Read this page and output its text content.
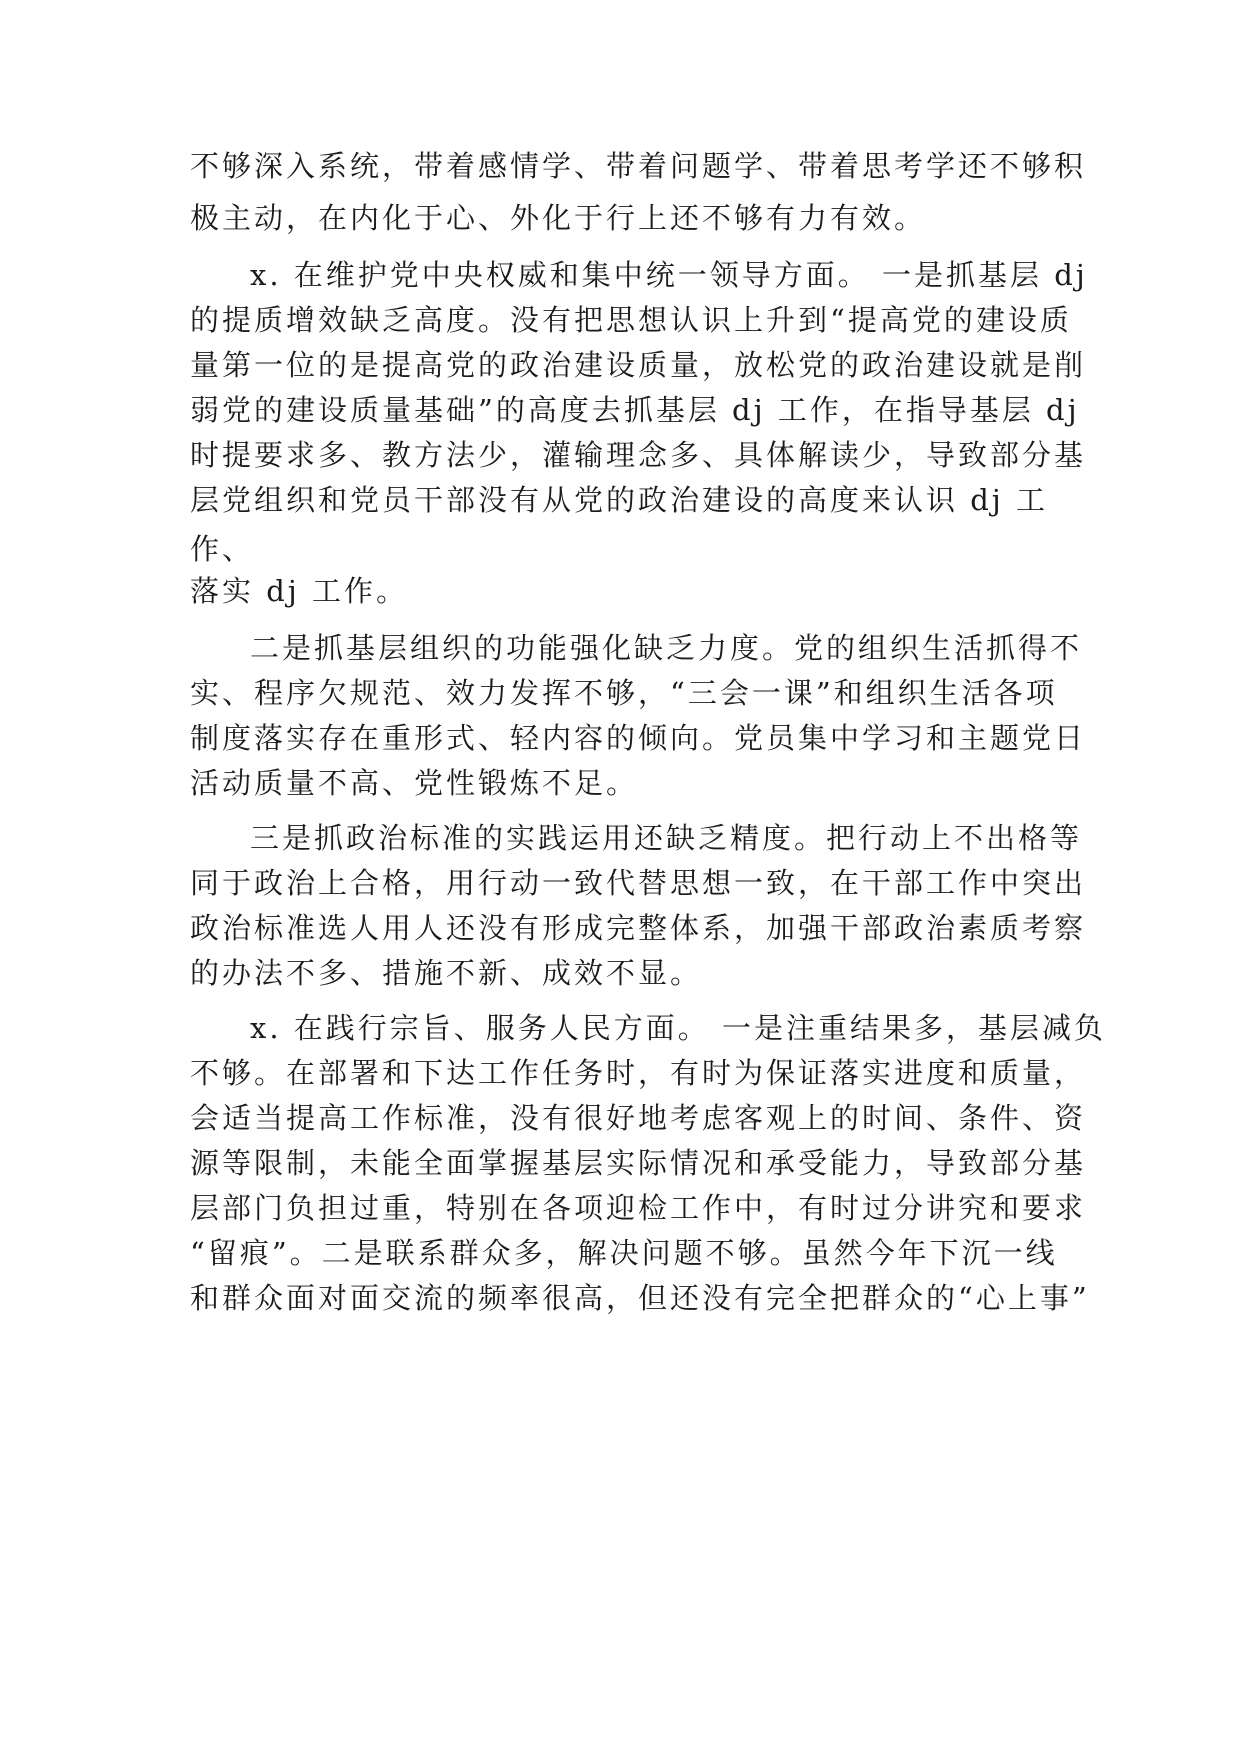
不够深入系统，带着感情学、带着问题学、带着思考学还不够积
极主动，在内化于心、外化于行上还不够有力有效。
x. 在维护党中央权威和集中统一领导方面。 一是抓基层 dj
的提质增效缺乏高度。没有把思想认识上升到“提高党的建设质
量第一位的是提高党的政治建设质量，放松党的政治建设就是削
弱党的建设质量基础”的高度去抓基层 dj 工作，在指导基层 dj
时提要求多、教方法少，灌输理念多、具体解读少，导致部分基
层党组织和党员干部没有从党的政治建设的高度来认识 dj 工
作、
落实 dj 工作。
二是抓基层组织的功能强化缺乏力度。党的组织生活抓得不
实、程序欠规范、效力发挥不够，“三会一课”和组织生活各项
制度落实存在重形式、轻内容的倾向。党员集中学习和主题党日
活动质量不高、党性锻炼不足。
三是抓政治标准的实践运用还缺乏精度。把行动上不出格等
同于政治上合格，用行动一致代替思想一致，在干部工作中突出
政治标准选人用人还没有形成完整体系，加强干部政治素质考察
的办法不多、措施不新、成效不显。
x. 在践行宗旨、服务人民方面。 一是注重结果多，基层减负
不够。在部署和下达工作任务时，有时为保证落实进度和质量，
会适当提高工作标准，没有很好地考虑客观上的时间、条件、资
源等限制，未能全面掌握基层实际情况和承受能力，导致部分基
层部门负担过重，特别在各项迎检工作中，有时过分讲究和要求
“留痕”。二是联系群众多，解决问题不够。虽然今年下沉一线
和群众面对面交流的频率很高，但还没有完全把群众的“心上事”
